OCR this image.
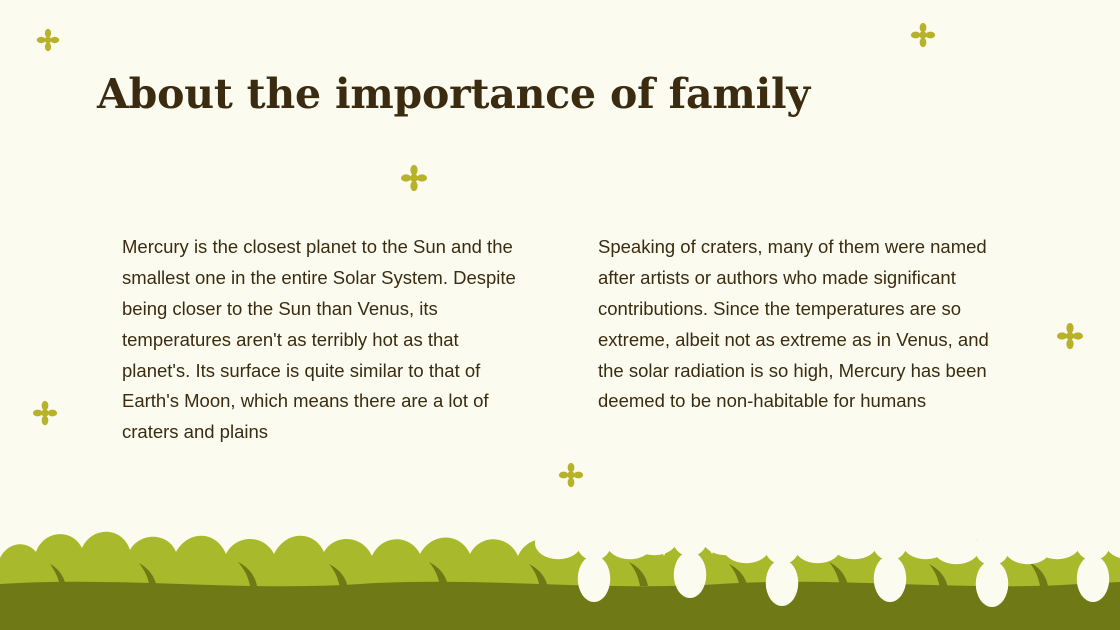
About the importance of family
Mercury is the closest planet to the Sun and the smallest one in the entire Solar System. Despite being closer to the Sun than Venus, its temperatures aren't as terribly hot as that planet's. Its surface is quite similar to that of Earth's Moon, which means there are a lot of craters and plains
Speaking of craters, many of them were named after artists or authors who made significant contributions. Since the temperatures are so extreme, albeit not as extreme as in Venus, and the solar radiation is so high, Mercury has been deemed to be non-habitable for humans
